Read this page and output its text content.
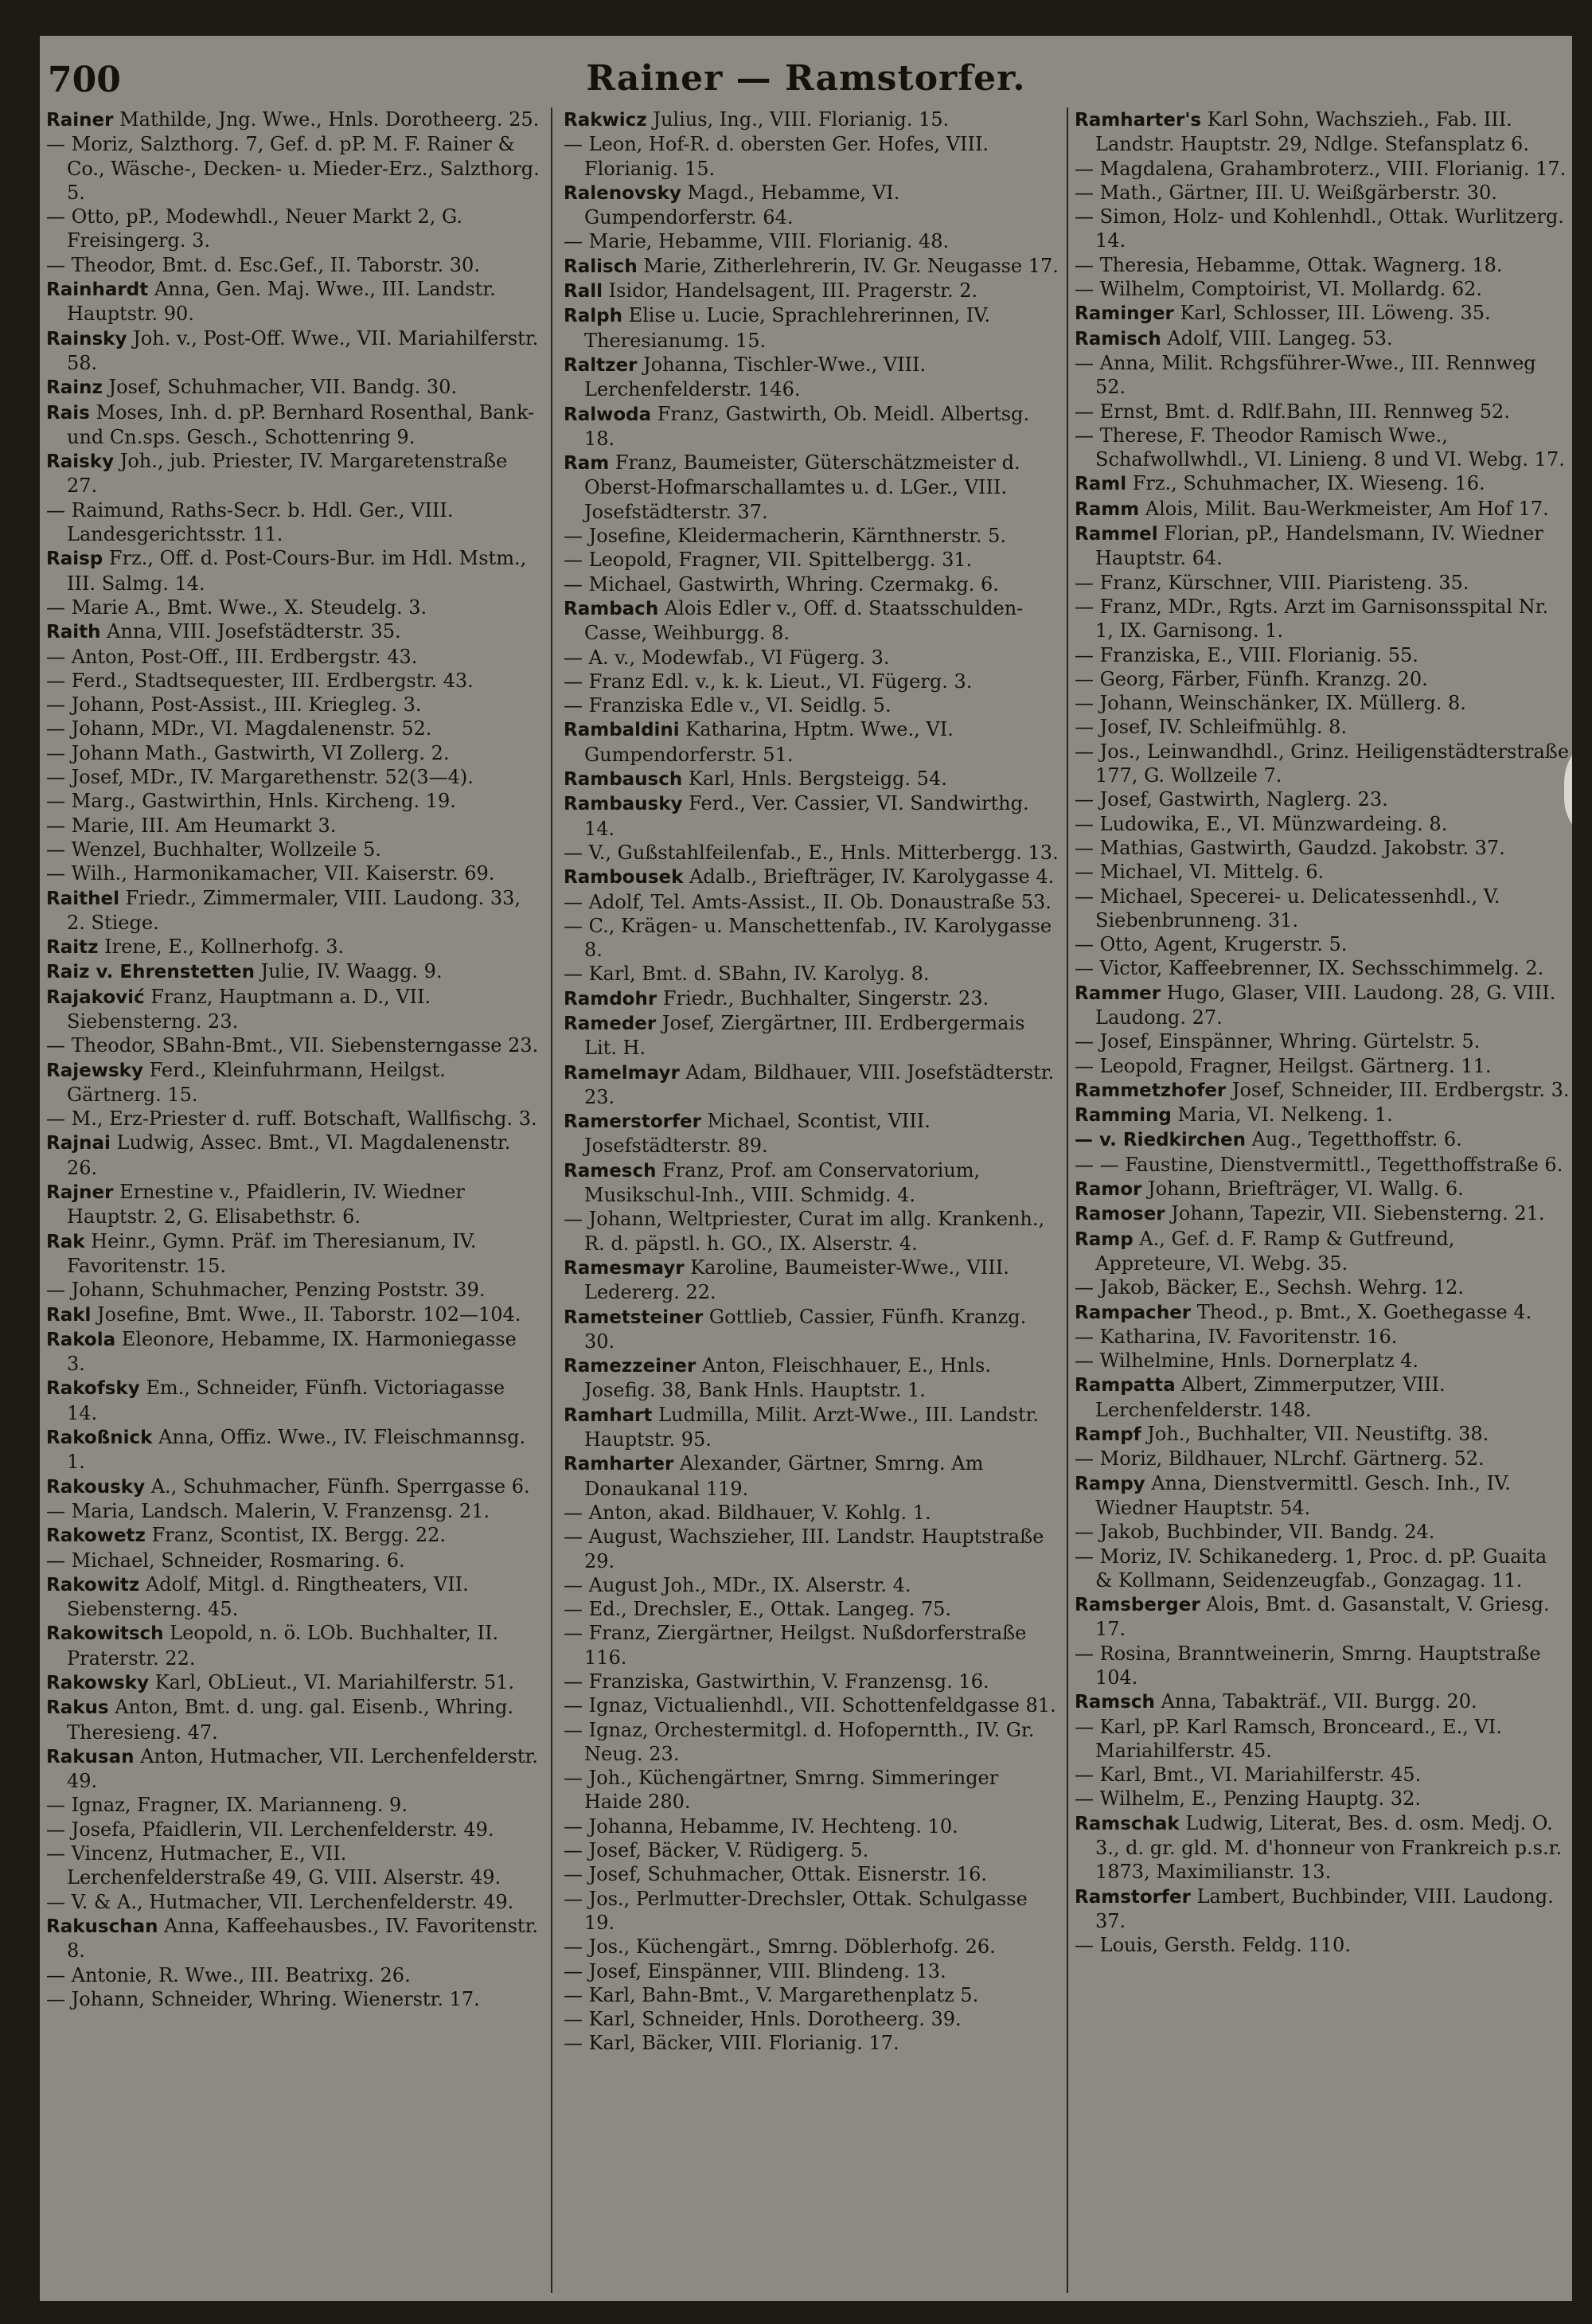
700	Rainer — Ramstorfer.

Rainer Mathilde, Jng. Wwe., Hnls. Dorotheerg. 25.

— Moriz, Salzthorg. 7, Gef. d. pP. M. F. Rainer & Co., Wäsche-, Decken- u. Mieder-Erz., Salzthorg. 5.

— Otto, pP., Modewhdl., Neuer Markt 2, G. Freisingerg. 3.

— Theodor, Bmt. d. Esc.Gef., II. Taborstr. 30.

Rainhardt Anna, Gen. Maj. Wwe., III. Landstr. Hauptstr. 90.

Rainsky Joh. v., Post-Off. Wwe., VII. Mariahilferstr. 58.

Rainz Josef, Schuhmacher, VII. Bandg. 30.

Rais Moses, Inh. d. pP. Bernhard Rosenthal, Bank- und Cn.sps. Gesch., Schottenring 9.

Raisky Joh., jub. Priester, IV. Margaretenstraße 27.

— Raimund, Raths-Secr. b. Hdl. Ger., VIII. Landesgerichtsstr. 11.

Raisp Frz., Off. d. Post-Cours-Bur. im Hdl. Mstm., III. Salmg. 14.

— Marie A., Bmt. Wwe., X. Steudelg. 3.

Raith Anna, VIII. Josefstädterstr. 35.

— Anton, Post-Off., III. Erdbergstr. 43.

— Ferd., Stadtsequester, III. Erdbergstr. 43.

— Johann, Post-Assist., III. Kriegleg. 3.

— Johann, MDr., VI. Magdalenenstr. 52.

— Johann Math., Gastwirth, VI Zollerg. 2.

— Josef, MDr., IV. Margarethenstr. 52(3—4).

— Marg., Gastwirthin, Hnls. Kircheng. 19.

— Marie, III. Am Heumarkt 3.

— Wenzel, Buchhalter, Wollzeile 5.

— Wilh., Harmonikamacher, VII. Kaiserstr. 69.

Raithel Friedr., Zimmermaler, VIII. Laudong. 33, 2. Stiege.

Raitz Irene, E., Kollnerhofg. 3.

Raiz v. Ehrenstetten Julie, IV. Waagg. 9.

Rajaković Franz, Hauptmann a. D., VII. Siebensterng. 23.

— Theodor, SBahn-Bmt., VII. Siebensterngasse 23.

Rajewsky Ferd., Kleinfuhrmann, Heilgst. Gärtnerg. 15.

— M., Erz-Priester d. ruff. Botschaft, Wallfischg. 3.

Rajnai Ludwig, Assec. Bmt., VI. Magdalenenstr. 26.

Rajner Ernestine v., Pfaidlerin, IV. Wiedner Hauptstr. 2, G. Elisabethstr. 6.

Rak Heinr., Gymn. Präf. im Theresianum, IV. Favoritenstr. 15.

— Johann, Schuhmacher, Penzing Poststr. 39.

Rakl Josefine, Bmt. Wwe., II. Taborstr. 102—104.

Rakola Eleonore, Hebamme, IX. Harmoniegasse 3.

Rakofsky Em., Schneider, Fünfh. Victoriagasse 14.

Rakoßnick Anna, Offiz. Wwe., IV. Fleischmannsg. 1.

Rakousky A., Schuhmacher, Fünfh. Sperrgasse 6.

— Maria, Landsch. Malerin, V. Franzensg. 21.

Rakowetz Franz, Scontist, IX. Bergg. 22.

— Michael, Schneider, Rosmaring. 6.

Rakowitz Adolf, Mitgl. d. Ringtheaters, VII. Siebensterng. 45.

Rakowitsch Leopold, n. ö. LOb. Buchhalter, II. Praterstr. 22.

Rakowsky Karl, ObLieut., VI. Mariahilferstr. 51.

Rakus Anton, Bmt. d. ung. gal. Eisenb., Whring. Theresieng. 47.

Rakusan Anton, Hutmacher, VII. Lerchenfelderstr. 49.

— Ignaz, Fragner, IX. Marianneng. 9.

— Josefa, Pfaidlerin, VII. Lerchenfelderstr. 49.

— Vincenz, Hutmacher, E., VII. Lerchenfelderstraße 49, G. VIII. Alserstr. 49.

— V. & A., Hutmacher, VII. Lerchenfelderstr. 49.

Rakuschan Anna, Kaffeehausbes., IV. Favoritenstr. 8.

— Antonie, R. Wwe., III. Beatrixg. 26.

— Johann, Schneider, Whring. Wienerstr. 17.

Rakwicz Julius, Ing., VIII. Florianig. 15.

— Leon, Hof-R. d. obersten Ger. Hofes, VIII. Florianig. 15.

Ralenovsky Magd., Hebamme, VI. Gumpendorferstr. 64.

— Marie, Hebamme, VIII. Florianig. 48.

Ralisch Marie, Zitherlehrerin, IV. Gr. Neugasse 17.

Rall Isidor, Handelsagent, III. Pragerstr. 2.

Ralph Elise u. Lucie, Sprachlehrerinnen, IV. Theresianumg. 15.

Raltzer Johanna, Tischler-Wwe., VIII. Lerchenfelderstr. 146.

Ralwoda Franz, Gastwirth, Ob. Meidl. Albertsg. 18.

Ram Franz, Baumeister, Güterschätzmeister d. Oberst-Hofmarschallamtes u. d. LGer., VIII. Josefstädterstr. 37.

— Josefine, Kleidermacherin, Kärnthnerstr. 5.

— Leopold, Fragner, VII. Spittelbergg. 31.

— Michael, Gastwirth, Whring. Czermakg. 6.

Rambach Alois Edler v., Off. d. Staatsschulden-Casse, Weihburgg. 8.

— A. v., Modewfab., VI Fügerg. 3.

— Franz Edl. v., k. k. Lieut., VI. Fügerg. 3.

— Franziska Edle v., VI. Seidlg. 5.

Rambaldini Katharina, Hptm. Wwe., VI. Gumpendorferstr. 51.

Rambausch Karl, Hnls. Bergsteigg. 54.

Rambausky Ferd., Ver. Cassier, VI. Sandwirthg. 14.

— V., Gußstahlfeilenfab., E., Hnls. Mitterbergg. 13.

Rambousek Adalb., Briefträger, IV. Karolygasse 4.

— Adolf, Tel. Amts-Assist., II. Ob. Donaustraße 53.

— C., Krägen- u. Manschettenfab., IV. Karolygasse 8.

— Karl, Bmt. d. SBahn, IV. Karolyg. 8.

Ramdohr Friedr., Buchhalter, Singerstr. 23.

Rameder Josef, Ziergärtner, III. Erdbergermais Lit. H.

Ramelmayr Adam, Bildhauer, VIII. Josefstädterstr. 23.

Ramerstorfer Michael, Scontist, VIII. Josefstädterstr. 89.

Ramesch Franz, Prof. am Conservatorium, Musikschul-Inh., VIII. Schmidg. 4.

— Johann, Weltpriester, Curat im allg. Krankenh., R. d. päpstl. h. GO., IX. Alserstr. 4.

Ramesmayr Karoline, Baumeister-Wwe., VIII. Ledererg. 22.

Rametsteiner Gottlieb, Cassier, Fünfh. Kranzg. 30.

Ramezzeiner Anton, Fleischhauer, E., Hnls. Josefig. 38, Bank Hnls. Hauptstr. 1.

Ramhart Ludmilla, Milit. Arzt-Wwe., III. Landstr. Hauptstr. 95.

Ramharter Alexander, Gärtner, Smrng. Am Donaukanal 119.

— Anton, akad. Bildhauer, V. Kohlg. 1.

— August, Wachszieher, III. Landstr. Hauptstraße 29.

— August Joh., MDr., IX. Alserstr. 4.

— Ed., Drechsler, E., Ottak. Langeg. 75.

— Franz, Ziergärtner, Heilgst. Nußdorferstraße 116.

— Franziska, Gastwirthin, V. Franzensg. 16.

— Ignaz, Victualienhdl., VII. Schottenfeldgasse 81.

— Ignaz, Orchestermitgl. d. Hofoperntth., IV. Gr. Neug. 23.

— Joh., Küchengärtner, Smrng. Simmeringer Haide 280.

— Johanna, Hebamme, IV. Hechteng. 10.

— Josef, Bäcker, V. Rüdigerg. 5.

— Josef, Schuhmacher, Ottak. Eisnerstr. 16.

— Jos., Perlmutter-Drechsler, Ottak. Schulgasse 19.

— Jos., Küchengärt., Smrng. Döblerhofg. 26.

— Josef, Einspänner, VIII. Blindeng. 13.

— Karl, Bahn-Bmt., V. Margarethenplatz 5.

— Karl, Schneider, Hnls. Dorotheerg. 39.

— Karl, Bäcker, VIII. Florianig. 17.

Ramharter's Karl Sohn, Wachszieh., Fab. III. Landstr. Hauptstr. 29, Ndlge. Stefansplatz 6.

— Magdalena, Grahambroterz., VIII. Florianig. 17.

— Math., Gärtner, III. U. Weißgärberstr. 30.

— Simon, Holz- und Kohlenhdl., Ottak. Wurlitzerg. 14.

— Theresia, Hebamme, Ottak. Wagnerg. 18.

— Wilhelm, Comptoirist, VI. Mollardg. 62.

Raminger Karl, Schlosser, III. Löweng. 35.

Ramisch Adolf, VIII. Langeg. 53.

— Anna, Milit. Rchgsführer-Wwe., III. Rennweg 52.

— Ernst, Bmt. d. Rdlf.Bahn, III. Rennweg 52.

— Therese, F. Theodor Ramisch Wwe., Schafwollwhdl., VI. Linieng. 8 und VI. Webg. 17.

Raml Frz., Schuhmacher, IX. Wieseng. 16.

Ramm Alois, Milit. Bau-Werkmeister, Am Hof 17.

Rammel Florian, pP., Handelsmann, IV. Wiedner Hauptstr. 64.

— Franz, Kürschner, VIII. Piaristeng. 35.

— Franz, MDr., Rgts. Arzt im Garnisonsspital Nr. 1, IX. Garnisong. 1.

— Franziska, E., VIII. Florianig. 55.

— Georg, Färber, Fünfh. Kranzg. 20.

— Johann, Weinschänker, IX. Müllerg. 8.

— Josef, IV. Schleifmühlg. 8.

— Jos., Leinwandhdl., Grinz. Heiligenstädterstraße 177, G. Wollzeile 7.

— Josef, Gastwirth, Naglerg. 23.

— Ludowika, E., VI. Münzwardeing. 8.

— Mathias, Gastwirth, Gaudzd. Jakobstr. 37.

— Michael, VI. Mittelg. 6.

— Michael, Specerei- u. Delicatessenhdl., V. Siebenbrunneng. 31.

— Otto, Agent, Krugerstr. 5.

— Victor, Kaffeebrenner, IX. Sechsschimmelg. 2.

Rammer Hugo, Glaser, VIII. Laudong. 28, G. VIII. Laudong. 27.

— Josef, Einspänner, Whring. Gürtelstr. 5.

— Leopold, Fragner, Heilgst. Gärtnerg. 11.

Rammetzhofer Josef, Schneider, III. Erdbergstr. 3.

Ramming Maria, VI. Nelkeng. 1.

— v. Riedkirchen Aug., Tegetthoffstr. 6.

— — Faustine, Dienstvermittl., Tegetthoffstraße 6.

Ramor Johann, Briefträger, VI. Wallg. 6.

Ramoser Johann, Tapezir, VII. Siebensterng. 21.

Ramp A., Gef. d. F. Ramp & Gutfreund, Appreteure, VI. Webg. 35.

— Jakob, Bäcker, E., Sechsh. Wehrg. 12.

Rampacher Theod., p. Bmt., X. Goethegasse 4.

— Katharina, IV. Favoritenstr. 16.

— Wilhelmine, Hnls. Dornerplatz 4.

Rampatta Albert, Zimmerputzer, VIII. Lerchenfelderstr. 148.

Rampf Joh., Buchhalter, VII. Neustiftg. 38.

— Moriz, Bildhauer, NLrchf. Gärtnerg. 52.

Rampy Anna, Dienstvermittl. Gesch. Inh., IV. Wiedner Hauptstr. 54.

— Jakob, Buchbinder, VII. Bandg. 24.

— Moriz, IV. Schikanederg. 1, Proc. d. pP. Guaita & Kollmann, Seidenzeugfab., Gonzagag. 11.

Ramsberger Alois, Bmt. d. Gasanstalt, V. Griesg. 17.

— Rosina, Branntweinerin, Smrng. Hauptstraße 104.

Ramsch Anna, Tabakträf., VII. Burgg. 20.

— Karl, pP. Karl Ramsch, Bronceard., E., VI. Mariahilferstr. 45.

— Karl, Bmt., VI. Mariahilferstr. 45.

— Wilhelm, E., Penzing Hauptg. 32.

Ramschak Ludwig, Literat, Bes. d. osm. Medj. O. 3., d. gr. gld. M. d'honneur von Frankreich p.s.r. 1873, Maximilianstr. 13.

Ramstorfer Lambert, Buchbinder, VIII. Laudong. 37.

— Louis, Gersth. Feldg. 110.
